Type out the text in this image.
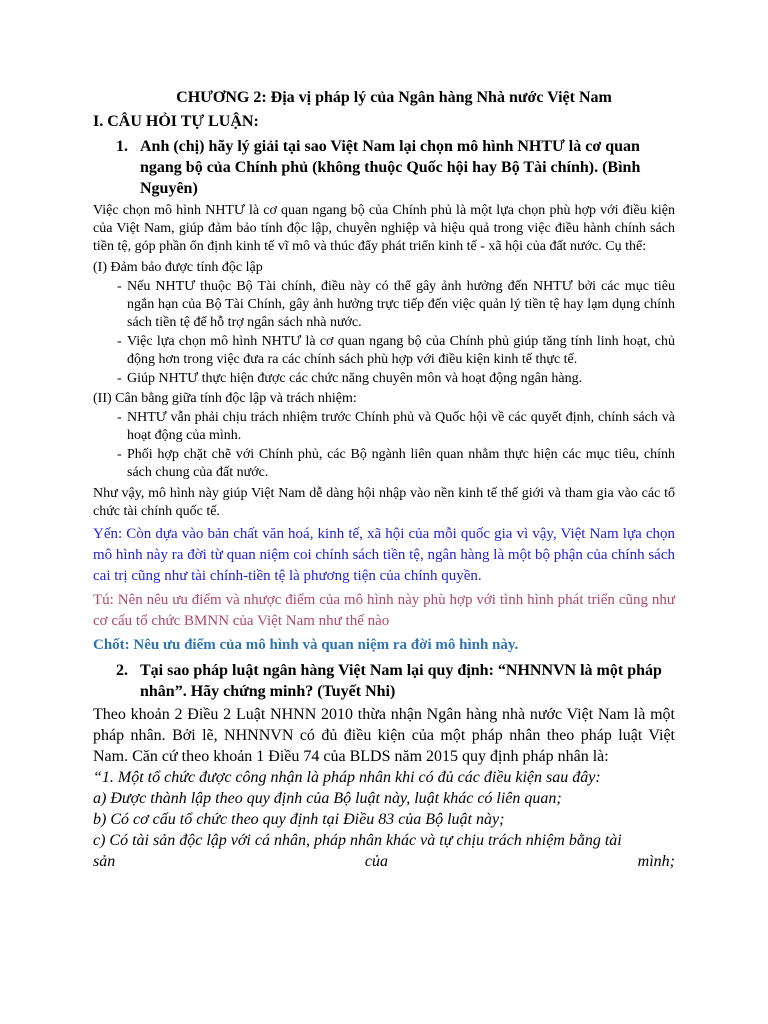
CHƯƠNG 2: Địa vị pháp lý của Ngân hàng Nhà nước Việt Nam
I. CÂU HỎI TỰ LUẬN:
1. Anh (chị) hãy lý giải tại sao Việt Nam lại chọn mô hình NHTƯ là cơ quan ngang bộ của Chính phủ (không thuộc Quốc hội hay Bộ Tài chính). (Bình Nguyên)
Việc chọn mô hình NHTƯ là cơ quan ngang bộ của Chính phủ là một lựa chọn phù hợp với điều kiện của Việt Nam, giúp đảm bảo tính độc lập, chuyên nghiệp và hiệu quả trong việc điều hành chính sách tiền tệ, góp phần ổn định kinh tế vĩ mô và thúc đẩy phát triển kinh tế - xã hội của đất nước. Cụ thể:
(I) Đảm bảo được tính độc lập
- Nếu NHTƯ thuộc Bộ Tài chính, điều này có thể gây ảnh hưởng đến NHTƯ bởi các mục tiêu ngắn hạn của Bộ Tài Chính, gây ảnh hưởng trực tiếp đến việc quản lý tiền tệ hay lạm dụng chính sách tiền tệ để hỗ trợ ngân sách nhà nước.
- Việc lựa chọn mô hình NHTƯ là cơ quan ngang bộ của Chính phủ giúp tăng tính linh hoạt, chủ động hơn trong việc đưa ra các chính sách phù hợp với điều kiện kinh tế thực tế.
- Giúp NHTƯ thực hiện được các chức năng chuyên môn và hoạt động ngân hàng.
(II) Cân bằng giữa tính độc lập và trách nhiệm:
- NHTƯ vẫn phải chịu trách nhiệm trước Chính phủ và Quốc hội về các quyết định, chính sách và hoạt động của mình.
- Phối hợp chặt chẽ với Chính phủ, các Bộ ngành liên quan nhằm thực hiện các mục tiêu, chính sách chung của đất nước.
Như vậy, mô hình này giúp Việt Nam dễ dàng hội nhập vào nền kinh tế thế giới và tham gia vào các tổ chức tài chính quốc tế.
Yến: Còn dựa vào bản chất văn hoá, kinh tế, xã hội của mỗi quốc gia vì vậy, Việt Nam lựa chọn mô hình này ra đời từ quan niệm coi chính sách tiền tệ, ngân hàng là một bộ phận của chính sách cai trị cũng như tài chính-tiền tệ là phương tiện của chính quyền.
Tú: Nên nêu ưu điểm và nhược điểm của mô hình này phù hợp với tình hình phát triển cũng như cơ cấu tổ chức BMNN của Việt Nam như thế nào
Chốt: Nêu ưu điểm của mô hình và quan niệm ra đời mô hình này.
2. Tại sao pháp luật ngân hàng Việt Nam lại quy định: “NHNNVN là một pháp nhân”. Hãy chứng minh? (Tuyết Nhi)
Theo khoản 2 Điều 2 Luật NHNN 2010 thừa nhận Ngân hàng nhà nước Việt Nam là một pháp nhân. Bởi lẽ, NHNNVN có đủ điều kiện của một pháp nhân theo pháp luật Việt Nam. Căn cứ theo khoản 1 Điều 74 của BLDS năm 2015 quy định pháp nhân là:
“1. Một tổ chức được công nhận là pháp nhân khi có đủ các điều kiện sau đây:
a) Được thành lập theo quy định của Bộ luật này, luật khác có liên quan;
b) Có cơ cấu tổ chức theo quy định tại Điều 83 của Bộ luật này;
c) Có tài sản độc lập với cá nhân, pháp nhân khác và tự chịu trách nhiệm bằng tài
sản	của	mình;
